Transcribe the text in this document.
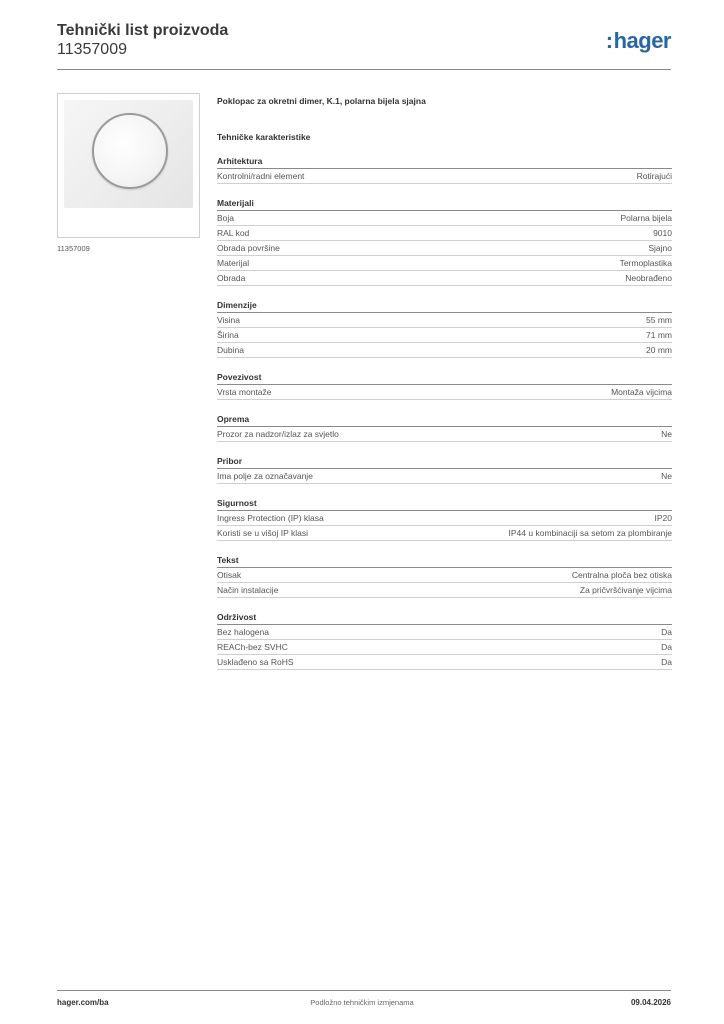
Tehnički list proizvoda
11357009	:hager
11357009
Poklopac za okretni dimer, K.1, polarna bijela sjajna
Tehničke karakteristike
Arhitektura
Kontrolni/radni element	Rotirajući
Materijali
Boja	Polarna bijela
RAL kod	9010
Obrada površine	Sjajno
Materijal	Termoplastika
Obrada	Neobrađeno
Dimenzije
Visina	55 mm
Širina	71 mm
Dubina	20 mm
Povezivost
Vrsta montaže	Montaža vijcima
Oprema
Prozor za nadzor/izlaz za svjetlo	Ne
Pribor
Ima polje za označavanje	Ne
Sigurnost
Ingress Protection (IP) klasa	IP20
Koristi se u višoj IP klasi	IP44 u kombinaciji sa setom za plombiranje
Tekst
Otisak	Centralna ploča bez otiska
Način instalacije	Za pričvršćivanje vijcima
Održivost
Bez halogena	Da
REACh-bez SVHC	Da
Usklađeno sa RoHS	Da
hager.com/ba	Podložno tehničkim izmjenama	09.04.2026
